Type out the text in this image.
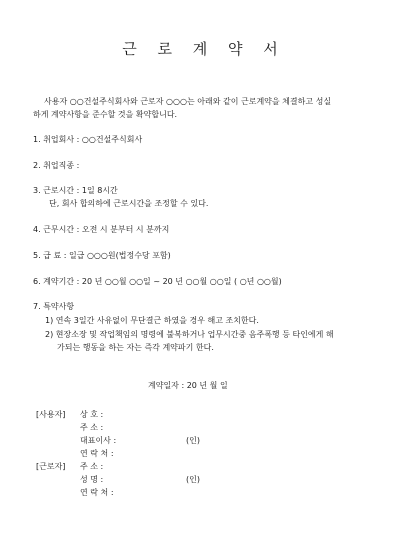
근 로 계 약 서
사용자 ○○건설주식회사와 근로자 ○○○는 아래와 같이 근로계약을 체결하고 성실
하게 계약사항을 준수할 것을 확약합니다.
1. 취업회사 : ○○건설주식회사
2. 취업직종 :
3. 근로시간 : 1일 8시간
단, 회사 합의하에 근로시간을 조정할 수 있다.
4. 근무시간 : 오전 시 분부터 시 분까지
5. 급 료 : 일급 ○○○원(법정수당 포함)
6. 계약기간 : 20 년 ○○월 ○○일 ~ 20 년 ○○월 ○○일 ( ○년 ○○월)
7. 특약사항
1) 연속 3일간 사유없이 무단결근 하였을 경우 해고 조치한다.
2) 현장소장 및 작업책임의 명령에 불복하거나 업무시간중 음주폭행 등 타인에게 해
가되는 행동을 하는 자는 즉각 계약파기 한다.
계약일자 : 20 년 월 일
[사용자] 상 호 :
주 소 :
대표이사 :	(인)
연 락 처 :
[근로자] 주 소 :
성 명 :	(인)
연 락 처 :
